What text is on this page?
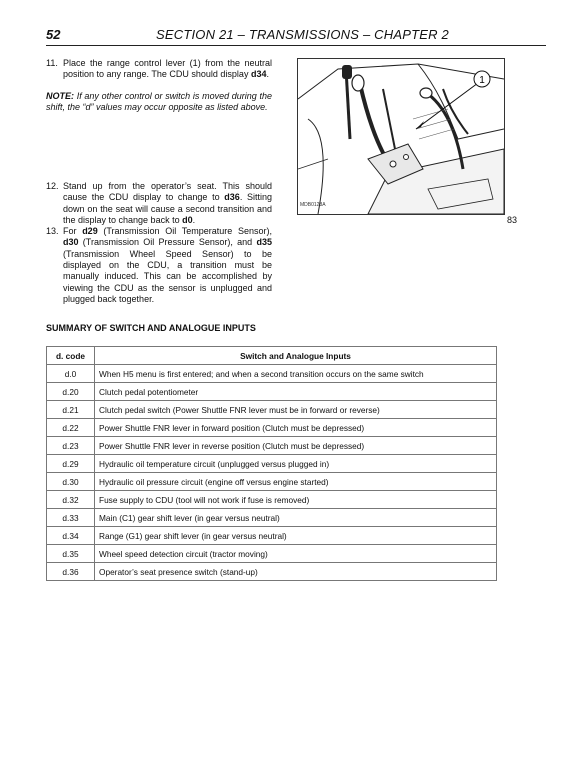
52	SECTION 21 – TRANSMISSIONS – CHAPTER 2
11. Place the range control lever (1) from the neutral position to any range. The CDU should display d34.
NOTE: If any other control or switch is moved during the shift, the “d” values may occur opposite as listed above.
12. Stand up from the operator’s seat. This should cause the CDU display to change to d36. Sitting down on the seat will cause a second transition and the display to change back to d0.
13. For d29 (Transmission Oil Temperature Sensor), d30 (Transmission Oil Pressure Sensor), and d35 (Transmission Wheel Speed Sensor) to be displayed on the CDU, a transition must be manually induced. This can be accomplished by viewing the CDU as the sensor is unplugged and plugged back together.
1
MDB0128A
83
SUMMARY OF SWITCH AND ANALOGUE INPUTS
d. code	Switch and Analogue Inputs
d.0	When H5 menu is first entered; and when a second transition occurs on the same switch
d.20	Clutch pedal potentiometer
d.21	Clutch pedal switch (Power Shuttle FNR lever must be in forward or reverse)
d.22	Power Shuttle FNR lever in forward position (Clutch must be depressed)
d.23	Power Shuttle FNR lever in reverse position (Clutch must be depressed)
d.29	Hydraulic oil temperature circuit (unplugged versus plugged in)
d.30	Hydraulic oil pressure circuit (engine off versus engine started)
d.32	Fuse supply to CDU (tool will not work if fuse is removed)
d.33	Main (C1) gear shift lever (in gear versus neutral)
d.34	Range (G1) gear shift lever (in gear versus neutral)
d.35	Wheel speed detection circuit (tractor moving)
d.36	Operator’s seat presence switch (stand-up)
